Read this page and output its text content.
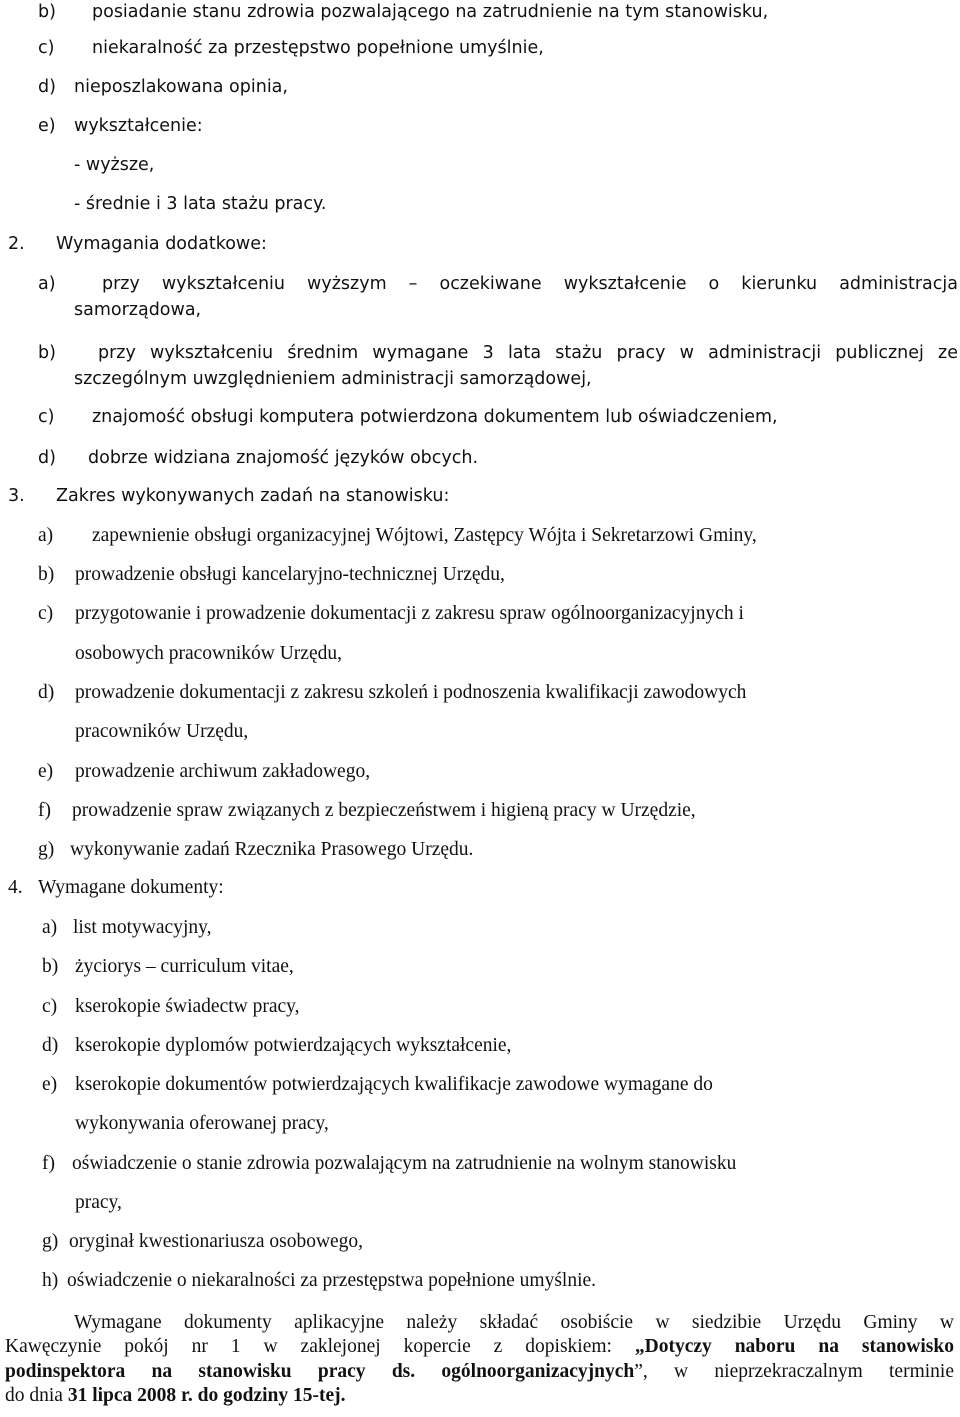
b) posiadanie stanu zdrowia pozwalającego na zatrudnienie na tym stanowisku,
c) niekaralność za przestępstwo popełnione umyślnie,
d) nieposzlakowana opinia,
e) wykształcenie:
- wyższe,
- średnie i 3 lata stażu pracy.
2. Wymagania dodatkowe:
a)	przy wykształceniu wyższym – oczekiwane wykształcenie o kierunku administracja
samorządowa,
b) przy wykształceniu średnim wymagane 3 lata stażu pracy w administracji publicznej ze
szczególnym uwzględnieniem administracji samorządowej,
c) znajomość obsługi komputera potwierdzona dokumentem lub oświadczeniem,
d) dobrze widziana znajomość języków obcych.
3. Zakres wykonywanych zadań na stanowisku:
a) zapewnienie obsługi organizacyjnej Wójtowi, Zastępcy Wójta i Sekretarzowi Gminy,
b) prowadzenie obsługi kancelaryjno-technicznej Urzędu,
c) przygotowanie i prowadzenie dokumentacji z zakresu spraw ogólnoorganizacyjnych i
osobowych pracowników Urzędu,
d) prowadzenie dokumentacji z zakresu szkoleń i podnoszenia kwalifikacji zawodowych
pracowników Urzędu,
e) prowadzenie archiwum zakładowego,
f) prowadzenie spraw związanych z bezpieczeństwem i higieną pracy w Urzędzie,
g) wykonywanie zadań Rzecznika Prasowego Urzędu.
4. Wymagane dokumenty:
a) list motywacyjny,
b) życiorys – curriculum vitae,
c) kserokopie świadectw pracy,
d) kserokopie dyplomów potwierdzających wykształcenie,
e) kserokopie dokumentów potwierdzających kwalifikacje zawodowe wymagane do
wykonywania oferowanej pracy,
f) oświadczenie o stanie zdrowia pozwalającym na zatrudnienie na wolnym stanowisku
pracy,
g) oryginał kwestionariusza osobowego,
h) oświadczenie o niekaralności za przestępstwa popełnione umyślnie.
Wymagane dokumenty aplikacyjne należy składać osobiście w siedzibie Urzędu Gminy w
Kawęczynie pokój nr 1 w zaklejonej kopercie z dopiskiem: „Dotyczy naboru na stanowisko
podinspektora na stanowisku pracy ds. ogólnoorganizacyjnych”, w nieprzekraczalnym terminie
do dnia 31 lipca 2008 r. do godziny 15-tej.
